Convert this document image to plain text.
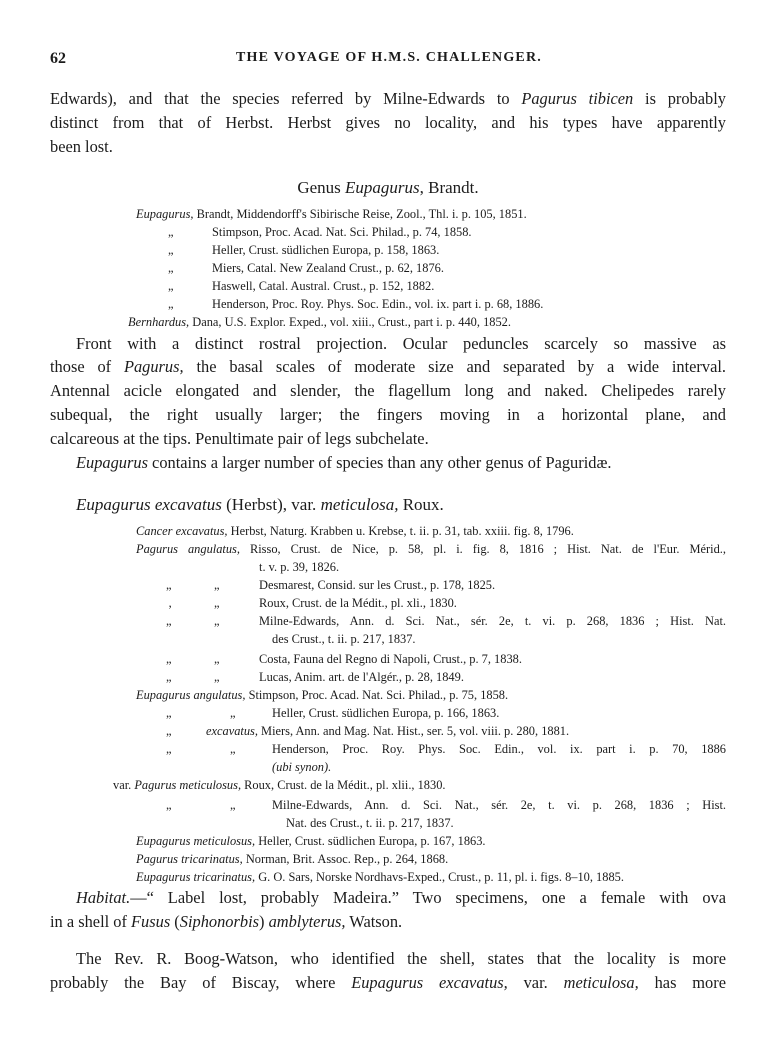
62	THE VOYAGE OF H.M.S. CHALLENGER.
Edwards), and that the species referred by Milne-Edwards to Pagurus tibicen is probably
distinct from that of Herbst. Herbst gives no locality, and his types have apparently
been lost.
Genus Eupagurus, Brandt.
Eupagurus, Brandt, Middendorff's Sibirische Reise, Zool., Thl. i. p. 105, 1851.
„	Stimpson, Proc. Acad. Nat. Sci. Philad., p. 74, 1858.
„	Heller, Crust. südlichen Europa, p. 158, 1863.
„	Miers, Catal. New Zealand Crust., p. 62, 1876.
„	Haswell, Catal. Austral. Crust., p. 152, 1882.
„	Henderson, Proc. Roy. Phys. Soc. Edin., vol. ix. part i. p. 68, 1886.
Bernhardus, Dana, U.S. Explor. Exped., vol. xiii., Crust., part i. p. 440, 1852.
Front with a distinct rostral projection. Ocular peduncles scarcely so massive as
those of Pagurus, the basal scales of moderate size and separated by a wide interval.
Antennal acicle elongated and slender, the flagellum long and naked. Chelipedes rarely
subequal, the right usually larger; the fingers moving in a horizontal plane, and
calcareous at the tips. Penultimate pair of legs subchelate.
Eupagurus contains a larger number of species than any other genus of Paguridæ.
Eupagurus excavatus (Herbst), var. meticulosa, Roux.
Cancer excavatus, Herbst, Naturg. Krabben u. Krebse, t. ii. p. 31, tab. xxiii. fig. 8, 1796.
Pagurus angulatus, Risso, Crust. de Nice, p. 58, pl. i. fig. 8, 1816 ; Hist. Nat. de l'Eur. Mérid.,
t. v. p. 39, 1826.
„	„	Desmarest, Consid. sur les Crust., p. 178, 1825.
‚	„	Roux, Crust. de la Médit., pl. xli., 1830.
„	„	Milne-Edwards, Ann. d. Sci. Nat., sér. 2e, t. vi. p. 268, 1836 ; Hist. Nat.
des Crust., t. ii. p. 217, 1837.
„	„	Costa, Fauna del Regno di Napoli, Crust., p. 7, 1838.
„	„	Lucas, Anim. art. de l'Algér., p. 28, 1849.
Eupagurus angulatus, Stimpson, Proc. Acad. Nat. Sci. Philad., p. 75, 1858.
„	„	Heller, Crust. südlichen Europa, p. 166, 1863.
„	excavatus, Miers, Ann. and Mag. Nat. Hist., ser. 5, vol. viii. p. 280, 1881.
„	„	Henderson, Proc. Roy. Phys. Soc. Edin., vol. ix. part i. p. 70, 1886
(ubi synon).
var. Pagurus meticulosus, Roux, Crust. de la Médit., pl. xlii., 1830.
„	„	Milne-Edwards, Ann. d. Sci. Nat., sér. 2e, t. vi. p. 268, 1836 ; Hist.
Nat. des Crust., t. ii. p. 217, 1837.
Eupagurus meticulosus, Heller, Crust. südlichen Europa, p. 167, 1863.
Pagurus tricarinatus, Norman, Brit. Assoc. Rep., p. 264, 1868.
Eupagurus tricarinatus, G. O. Sars, Norske Nordhavs-Exped., Crust., p. 11, pl. i. figs. 8–10, 1885.
Habitat.—“ Label lost, probably Madeira.” Two specimens, one a female with ova
in a shell of Fusus (Siphonorbis) amblyterus, Watson.
The Rev. R. Boog-Watson, who identified the shell, states that the locality is more
probably the Bay of Biscay, where Eupagurus excavatus, var. meticulosa, has more
